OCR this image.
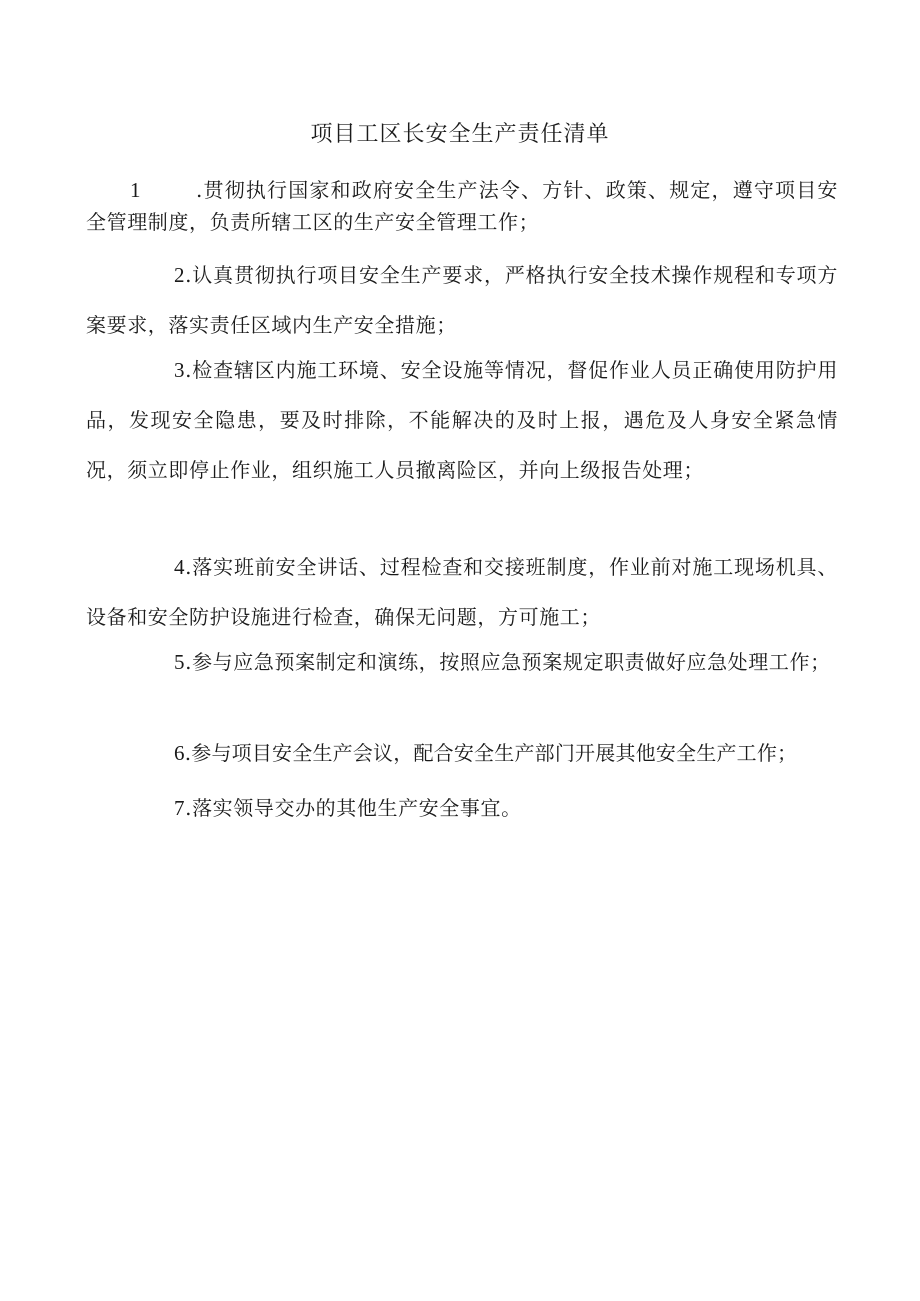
项目工区长安全生产责任清单
1	.贯彻执行国家和政府安全生产法令、方针、政策、规定，遵守项目安全管理制度，负责所辖工区的生产安全管理工作；
2.认真贯彻执行项目安全生产要求，严格执行安全技术操作规程和专项方案要求，落实责任区域内生产安全措施；
3.检查辖区内施工环境、安全设施等情况，督促作业人员正确使用防护用品，发现安全隐患，要及时排除，不能解决的及时上报，遇危及人身安全紧急情况，须立即停止作业，组织施工人员撤离险区，并向上级报告处理；
4.落实班前安全讲话、过程检查和交接班制度，作业前对施工现场机具、设备和安全防护设施进行检查，确保无问题，方可施工；
5.参与应急预案制定和演练，按照应急预案规定职责做好应急处理工作；
6.参与项目安全生产会议，配合安全生产部门开展其他安全生产工作；
7.落实领导交办的其他生产安全事宜。
